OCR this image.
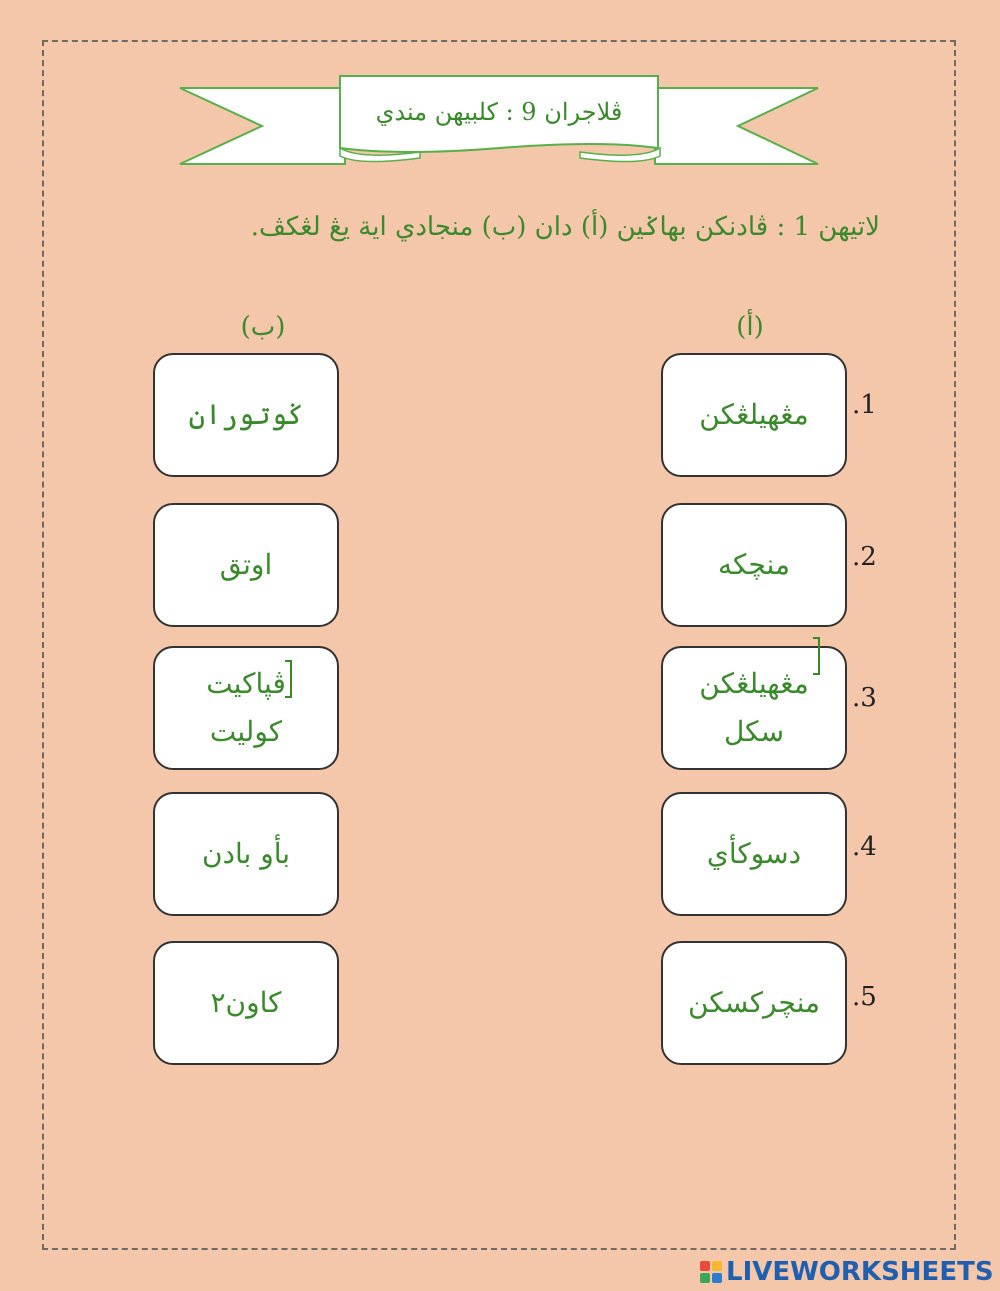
ڤلاجران 9 : كلبيهن مندي
لاتيهن 1 : ڤادنكن بهاݢين (أ) دان (ب) منجادي اية يڠ لڠكڤ.
(أ)
(ب)
مڠهيلڠكن .1
منچکه .2
مڠهيلڠكن
سکل
.3
دسوكأي .4
منچركسكن .5
ݢوتوران
اوتق
ڤپاكيت
كوليت
بأو بادن
كاون٢
LIVEWORKSHEETS
